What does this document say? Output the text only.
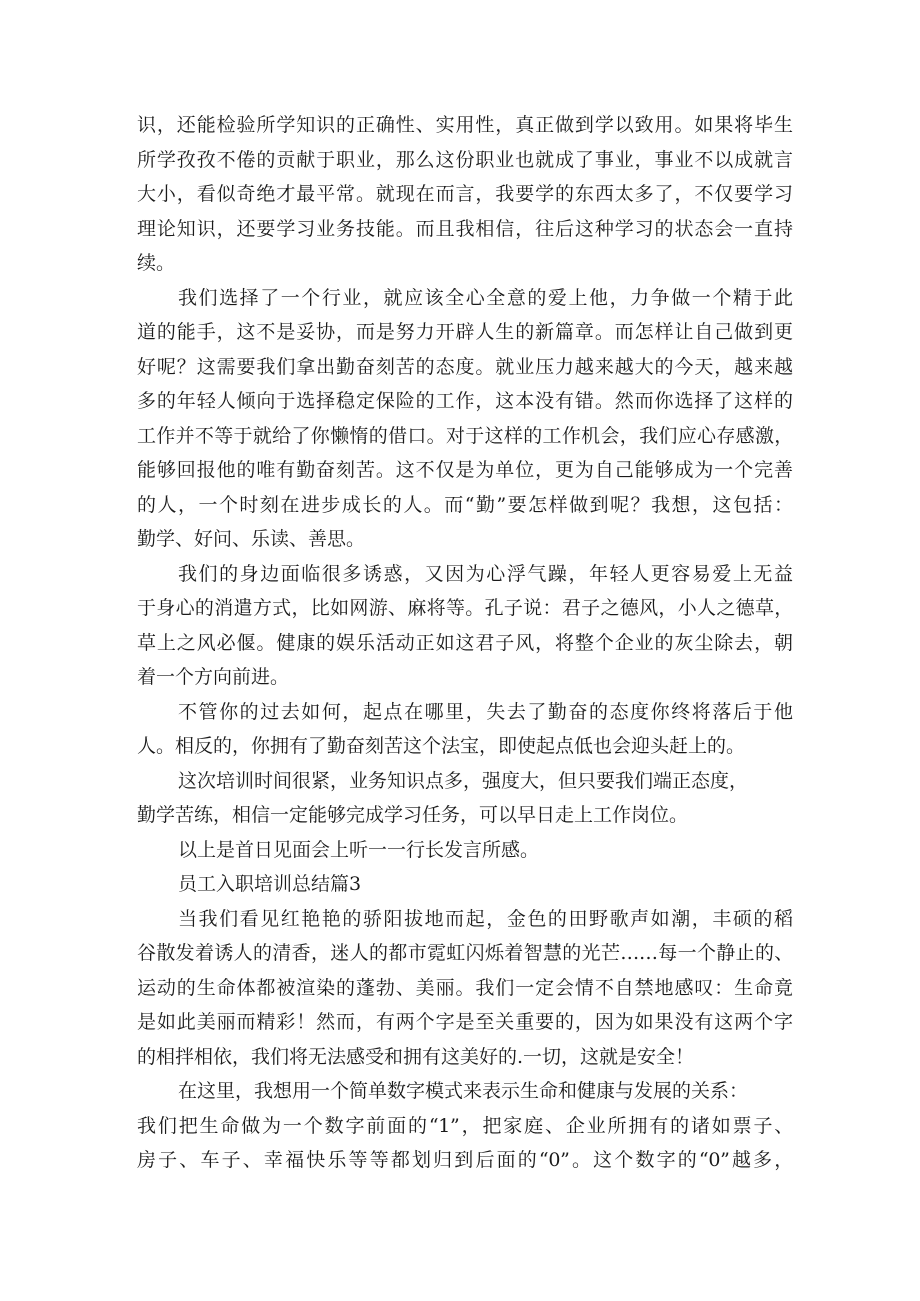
识，还能检验所学知识的正确性、实用性，真正做到学以致用。如果将毕生
所学孜孜不倦的贡献于职业，那么这份职业也就成了事业，事业不以成就言
大小，看似奇绝才最平常。就现在而言，我要学的东西太多了，不仅要学习
理论知识，还要学习业务技能。而且我相信，往后这种学习的状态会一直持
续。
我们选择了一个行业，就应该全心全意的爱上他，力争做一个精于此
道的能手，这不是妥协，而是努力开辟人生的新篇章。而怎样让自己做到更
好呢？这需要我们拿出勤奋刻苦的态度。就业压力越来越大的今天，越来越
多的年轻人倾向于选择稳定保险的工作，这本没有错。然而你选择了这样的
工作并不等于就给了你懒惰的借口。对于这样的工作机会，我们应心存感激，
能够回报他的唯有勤奋刻苦。这不仅是为单位，更为自己能够成为一个完善
的人，一个时刻在进步成长的人。而“勤”要怎样做到呢？我想，这包括：
勤学、好问、乐读、善思。
我们的身边面临很多诱惑，又因为心浮气躁，年轻人更容易爱上无益
于身心的消遣方式，比如网游、麻将等。孔子说：君子之德风，小人之德草，
草上之风必偃。健康的娱乐活动正如这君子风，将整个企业的灰尘除去，朝
着一个方向前进。
不管你的过去如何，起点在哪里，失去了勤奋的态度你终将落后于他
人。相反的，你拥有了勤奋刻苦这个法宝，即使起点低也会迎头赶上的。
这次培训时间很紧，业务知识点多，强度大，但只要我们端正态度，
勤学苦练，相信一定能够完成学习任务，可以早日走上工作岗位。
以上是首日见面会上听一一行长发言所感。
员工入职培训总结篇3
当我们看见红艳艳的骄阳拔地而起，金色的田野歌声如潮，丰硕的稻
谷散发着诱人的清香，迷人的都市霓虹闪烁着智慧的光芒……每一个静止的、
运动的生命体都被渲染的蓬勃、美丽。我们一定会情不自禁地感叹：生命竟
是如此美丽而精彩！然而，有两个字是至关重要的，因为如果没有这两个字
的相拌相依，我们将无法感受和拥有这美好的.一切，这就是安全！
在这里，我想用一个简单数字模式来表示生命和健康与发展的关系：
我们把生命做为一个数字前面的“1”，把家庭、企业所拥有的诸如票子、
房子、车子、幸福快乐等等都划归到后面的“0”。这个数字的“0”越多，
